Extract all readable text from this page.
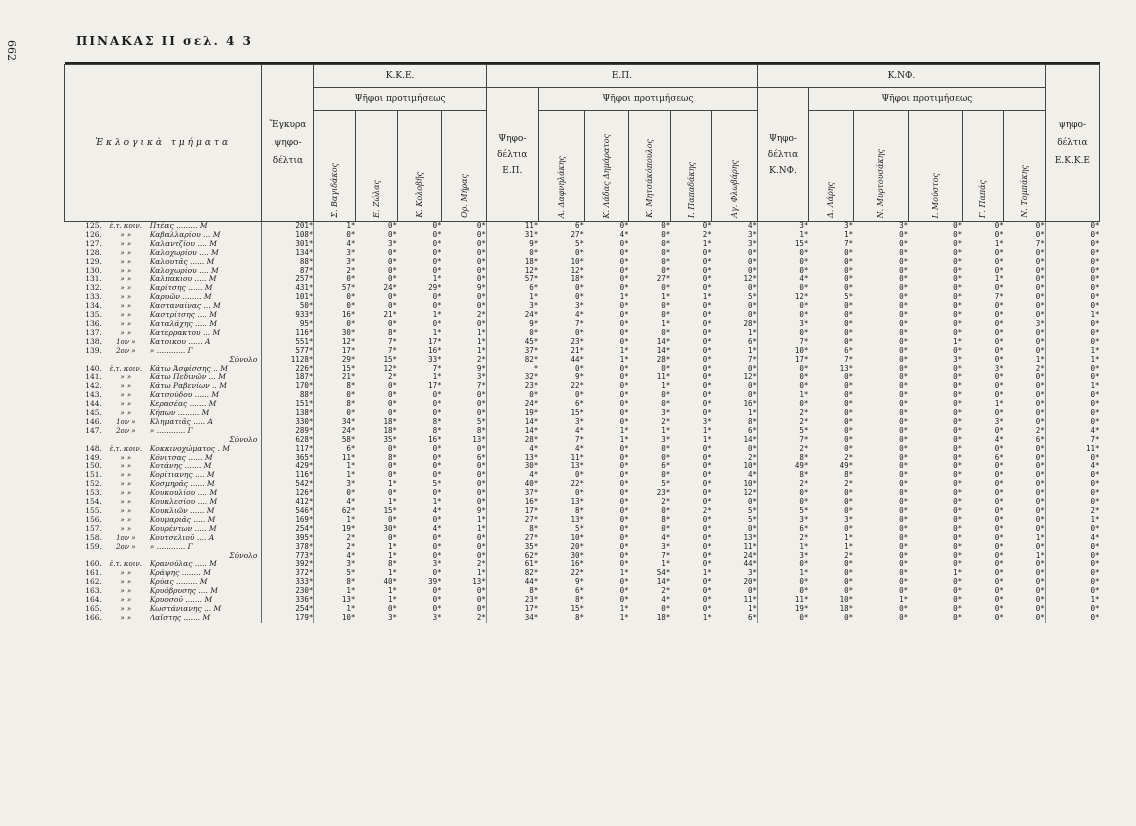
662	ΠΙΝΑΚΑΣ ΙΙ σελ. 4 3

Ἐκλογικὰ τμήματα			Ἔγκυρα ψηφο-δέλτια	Κ.Κ.Ε.				Ε.Π.						Κ.ΝΦ.						ψηφο-δέλτια Ε.Κ.Κ.Ε
				Ψῆφοι προτιμήσεως				Ψηφο-δέλτια Ε.Π.	Ψῆφοι προτιμήσεως					Ψηφο-δέλτια Κ.ΝΦ.	Ψῆφοι προτιμήσεως					
				Σ. Βαγιδάκος	Ε. Ζώλας	Κ. Κολοβῆς	Ορ. Μήρας		Α. Δαφνηλάκης	Κ. Λάδας Δημάρατος	Κ. Μητσάκόπουλος	Ι. Παπαδάκης	Αγ. Φλωβάρης		Δ. Λάρης	Ν. Μυρτουσάκης	Ι. Μούστος	Γ. Παπάς	Ν. Τομπάκης	
125.	ἐ.τ. κοιν.	Πτέας ......... Μ	201*	1*	0*	0*	0*	11*	6*	0*	0*	0*	4*	3*	3*	3*	0*	0*	0*	0*
126.	» »	Καβαλλαρίου ... Μ	108*	0*	0*	0*	0*	31*	27*	4*	0*	2*	3*	1*	1*	0*	0*	0*	0*	0*
127.	» »	Καλαντζίου .... Μ	301*	4*	3*	0*	0*	9*	5*	0*	0*	1*	3*	15*	7*	0*	0*	1*	7*	0*
128.	» »	Καλοχωρίου .... Μ	134*	3*	0*	0*	0*	0*	0*	0*	0*	0*	0*	0*	0*	0*	0*	0*	0*	0*
129.	» »	Καλουτᾶς ...... Μ	88*	3*	0*	0*	0*	18*	10*	0*	0*	0*	0*	0*	0*	0*	0*	0*	0*	0*
130.	» »	Καλοχωρίου .... Μ	87*	2*	0*	0*	0*	12*	12*	0*	0*	0*	0*	0*	0*	0*	0*	0*	0*	0*
131.	» »	Καλπακιου ..... Μ	257*	0*	0*	1*	0*	57*	18*	0*	27*	0*	12*	4*	0*	0*	0*	1*	0*	0*
132.	» »	Καρίτσης ...... Μ	431*	57*	24*	29*	9*	6*	0*	0*	0*	0*	0*	0*	0*	0*	0*	0*	0*	0*
133.	» »	Καρυῶν ........ Μ	101*	0*	0*	0*	0*	1*	0*	1*	1*	1*	5*	12*	5*	0*	0*	7*	0*	0*
134.	» »	Κασταναίνας ... Μ	50*	0*	0*	0*	0*	3*	3*	0*	0*	0*	0*	0*	0*	0*	0*	0*	0*	0*
135.	» »	Καστρίτσης .... Μ	933*	16*	21*	1*	2*	24*	4*	0*	0*	0*	0*	0*	0*	0*	0*	0*	0*	1*
136.	» »	Καταλάχης ..... Μ	95*	0*	0*	0*	0*	9*	7*	0*	1*	0*	28*	3*	0*	0*	0*	0*	3*	0*
137.	» »	Κατερρακτου ... Μ	116*	30*	8*	1*	1*	0*	0*	0*	0*	0*	1*	0*	0*	0*	0*	0*	0*	0*
138.	1ον »	Κατοικου ...... Α	551*	12*	7*	17*	1*	45*	23*	0*	14*	0*	6*	7*	0*	0*	1*	0*	0*	0*
139.	2ον »	» ............ Γ	577*	17*	7*	16*	1*	37*	21*	1*	14*	0*	1*	10*	6*	0*	0*	0*	0*	1*
		Σύνολο	1128*	29*	15*	33*	2*	82*	44*	1*	28*	0*	7*	17*	7*	0*	3*	0*	1*	1*
140.	ἐ.τ. κοιν.	Κάτω Ἀσφίσσης .. Μ	226*	15*	12*	7*	9*	*	0*	0*	0*	0*	0*	0*	13*	0*	0*	3*	2*	0*
141.	» »	Κάτω Πεδινῶν ... Μ	187*	21*	2*	1*	3*	32*	9*	0*	11*	0*	12*	0*	0*	0*	0*	0*	0*	0*
142.	» »	Κάτω Ραβενίων .. Μ	170*	8*	0*	17*	7*	23*	22*	0*	1*	0*	0*	0*	0*	0*	0*	0*	0*	1*
143.	» »	Κατσούδου ...... Μ	88*	0*	0*	0*	0*	0*	0*	0*	0*	0*	0*	1*	0*	0*	0*	0*	0*	0*
144.	» »	Κερασέας ....... Μ	151*	8*	0*	0*	0*	24*	6*	0*	0*	0*	16*	0*	0*	0*	0*	1*	0*	0*
145.	» »	Κήπων ......... Μ	138*	0*	0*	0*	0*	19*	15*	0*	3*	0*	1*	2*	0*	0*	0*	0*	0*	0*
146.	1ον »	Κληματιᾶς ..... Α	330*	34*	18*	8*	5*	14*	3*	0*	2*	3*	8*	2*	0*	0*	0*	3*	0*	0*
147.	2ον »	» ............ Γ	289*	24*	18*	8*	8*	14*	4*	1*	1*	1*	6*	5*	0*	0*	0*	0*	2*	4*
		Σύνολο	628*	58*	35*	16*	13*	28*	7*	1*	3*	1*	14*	7*	0*	0*	0*	4*	6*	7*
148.	ἐ.τ. κοιν.	Κοκκινοχώματος . Μ	117*	6*	0*	0*	0*	4*	4*	0*	0*	0*	0*	2*	0*	0*	0*	0*	0*	11*
149.	» »	Κόνιτσας ...... Μ	365*	11*	8*	0*	6*	13*	11*	0*	0*	0*	2*	8*	2*	0*	0*	6*	0*	0*
150.	» »	Κοτάνης ....... Μ	429*	1*	0*	0*	0*	30*	13*	0*	6*	0*	10*	49*	49*	0*	0*	0*	0*	4*
151.	» »	Κορίτιανης .... Μ	116*	1*	0*	0*	0*	4*	0*	0*	0*	0*	4*	8*	8*	0*	0*	0*	0*	0*
152.	» »	Κοσμηρᾶς ...... Μ	542*	3*	1*	5*	0*	40*	22*	0*	5*	0*	10*	2*	2*	0*	0*	0*	0*	0*
153.	» »	Κουκουλίου .... Μ	126*	0*	0*	0*	0*	37*	0*	0*	23*	0*	12*	0*	0*	0*	0*	0*	0*	0*
154.	» »	Κουκλεσίου .... Μ	412*	4*	1*	1*	0*	16*	13*	0*	2*	0*	0*	0*	0*	0*	0*	0*	0*	0*
155.	» »	Κουκλιῶν ...... Μ	546*	62*	15*	4*	9*	17*	8*	0*	0*	2*	5*	5*	0*	0*	0*	0*	0*	2*
156.	» »	Κουμαριᾶς ..... Μ	169*	1*	0*	0*	1*	27*	13*	0*	8*	0*	5*	3*	3*	0*	0*	0*	0*	1*
157.	» »	Κουρέντων ..... Μ	254*	19*	30*	4*	1*	8*	5*	0*	0*	0*	0*	6*	0*	0*	0*	0*	0*	0*
158.	1ον »	Κουτσελιοῦ .... Α	395*	2*	0*	0*	0*	27*	10*	0*	4*	0*	13*	2*	1*	0*	0*	0*	1*	4*
159.	2ον »	» ............ Γ	378*	2*	1*	0*	0*	35*	20*	0*	3*	0*	11*	1*	1*	0*	0*	0*	0*	0*
		Σύνολο	773*	4*	1*	0*	0*	62*	30*	0*	7*	0*	24*	3*	2*	0*	0*	0*	1*	0*
160.	ἐ.τ. κοιν.	Κρανούλας ..... Μ	392*	3*	8*	3*	2*	61*	16*	0*	1*	0*	44*	0*	0*	0*	0*	0*	0*	0*
161.	» »	Κράψης ........ Μ	372*	5*	1*	0*	1*	82*	22*	1*	54*	1*	3*	1*	0*	0*	1*	0*	0*	0*
162.	» »	Κρύας ......... Μ	333*	8*	40*	39*	13*	44*	9*	0*	14*	0*	20*	0*	0*	0*	0*	0*	0*	0*
163.	» »	Κρυόβρυσης .... Μ	230*	1*	1*	0*	0*	8*	6*	0*	2*	0*	0*	0*	0*	0*	0*	0*	0*	0*
164.	» »	Κρυοσοῦ ....... Μ	336*	13*	1*	0*	0*	23*	8*	0*	4*	0*	11*	11*	10*	1*	0*	0*	0*	1*
165.	» »	Κωστάνιανης ... Μ	254*	1*	0*	0*	0*	17*	15*	1*	0*	0*	1*	19*	18*	0*	0*	0*	0*	0*
166.	» »	Λαΐστης ....... Μ	179*	10*	3*	3*	2*	34*	8*	1*	18*	1*	6*	0*	0*	0*	0*	0*	0*	0*
